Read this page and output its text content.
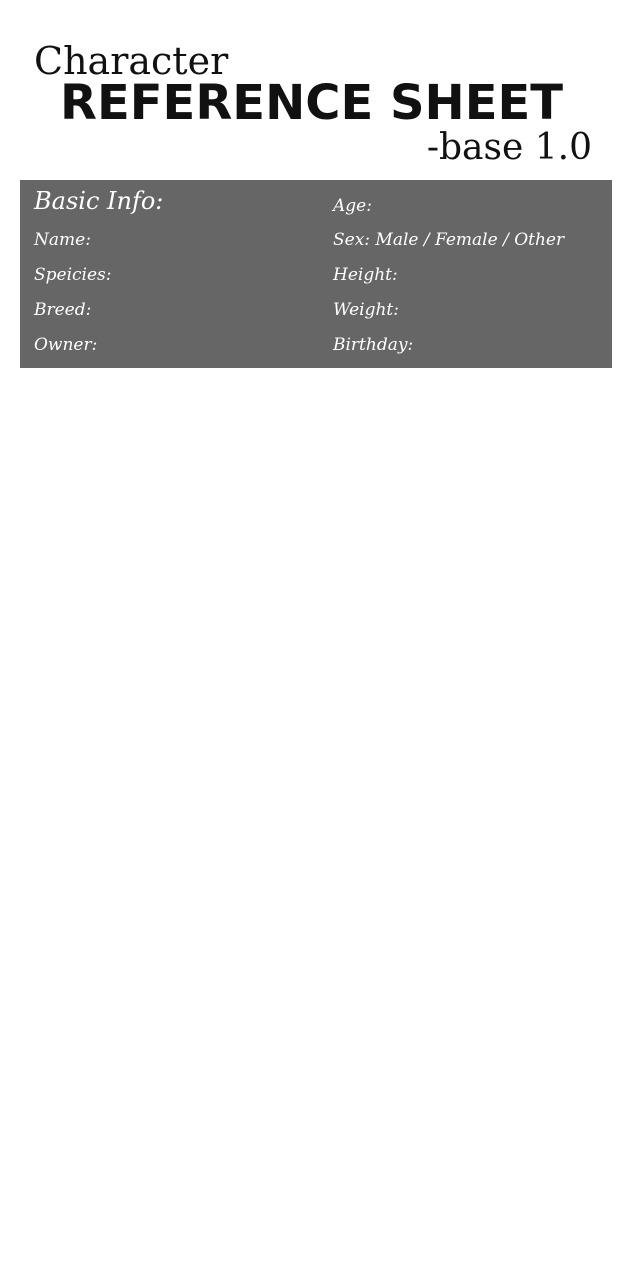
Character
REFERENCE SHEET
-base 1.0
Basic Info:
Name:
Speicies:
Breed:
Owner:
Age:
Sex: Male / Female / Other
Height:
Weight:
Birthday:
